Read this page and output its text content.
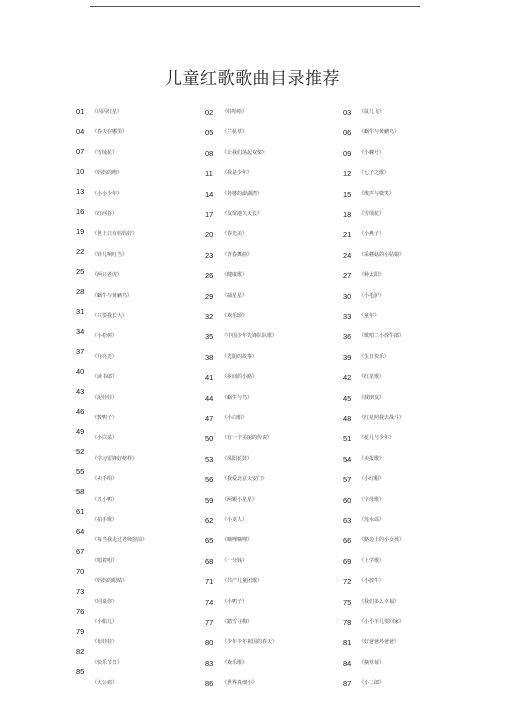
儿童红歌歌曲目录推荐
01
04
07
10
13
16
19
22
25
28
31
34
37
40
43
46
49
52
55
58
61
64
67
70
73
76
79
82
85
《闪闪红星》
《春天在哪里》
《雪绒花》
《妈妈的吻》
《小小少年》
《红河谷》
《世上只有妈妈好》
《铃儿响叮当》
《两只老虎》
《蜗牛与黄鹂鸟》
《只要我长大》
《小松树》
《月亮光》
《读书郎》
《泥娃娃》
《数鸭子》
《小白菜》
《学习雷锋好榜样》
《卖手绢》
《丑小鸭》
《拍手歌》
《每当我走过老师窗前》
《唱着唱》
《妈妈的眼睛》
《同桌你》
《小船儿》
《布娃娃》
《快乐节日》
《大公鸡》
02 《娃哈哈》
05 《兰花草》
08 《让我们荡起双桨》
11 《我是少年》
14 《外婆的澎湖湾》
17 《友谊地久天长》
20 《春光美》
23 《青春舞曲》
26 《健康歌》
29 《捕星星》
32 《欢乐颂》
35 《中国少年先锋队队歌》
38 《光阴的故事》
41 《乡间的小路》
44 《蜗牛与鸟》
47 《小白船》
50 《有一个美丽的传说》
53 《凤阳花鼓》
56 《我爱北京天安门》
59 《两颗小星星》
62 《小龙人》
65 《嘀哩嘀哩》
68 《一分钱》
71 《共产儿童团歌》
74 《小鸭子》
77 《踏雪寻梅》
80 《少年少年祖国的春天》
83 《欢乐歌》
86 《世界真细小》
03 《鼠儿飞》
06 《蜗牛与黄鹂鸟》
09 《小螺号》
12 《七子之歌》
15 《歌声与微笑》
18 《雪绒花》
21 《小燕子》
24 《采蘑菇的小姑娘》
27 《种太阳》
30 《小毛驴》
33 《童年》
36 《歌唱二小放牛郎》
39 《生日快乐》
42 《红星歌》
45 《找朋友》
48 《红星照我去战斗》
51 《花儿与少年》
54 《卖报歌》
57 《小红帽》
60 《字母歌》
63 《莲水谣》
66 《路边上的小女孩》
69 《上学歌》
72 《小放牛》
75 《我们多么幸福》
78 《小小羊儿要回家》
81 《好爸爸坏爸爸》
84 《摘草莓》
87 《小二郎》
